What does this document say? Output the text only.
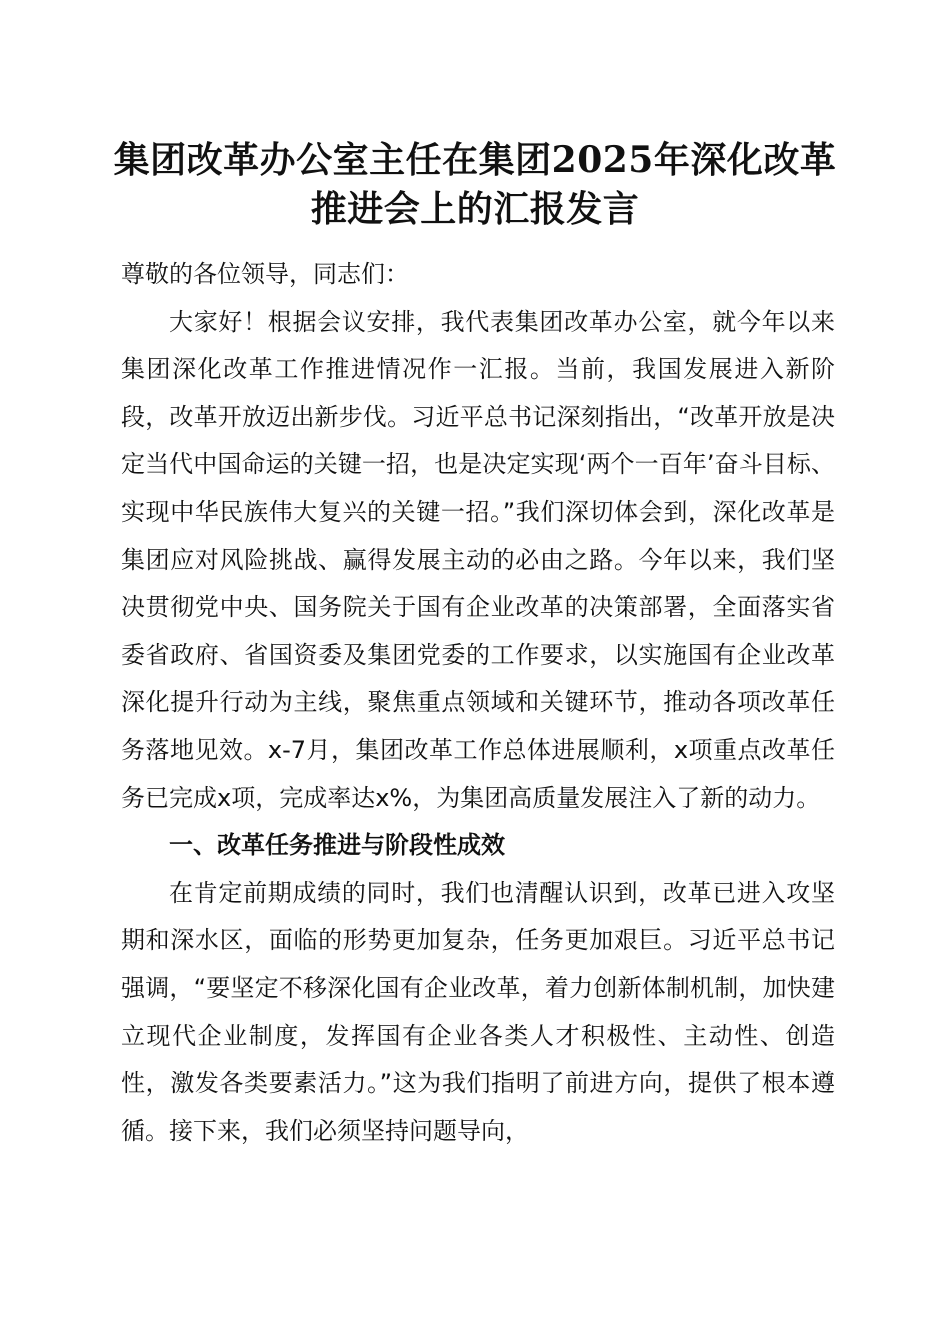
集团改革办公室主任在集团2025年深化改革
推进会上的汇报发言

尊敬的各位领导，同志们：

大家好！根据会议安排，我代表集团改革办公室，就今年以来集团深化改革工作推进情况作一汇报。当前，我国发展进入新阶段，改革开放迈出新步伐。习近平总书记深刻指出，“改革开放是决定当代中国命运的关键一招，也是决定实现‘两个一百年’奋斗目标、实现中华民族伟大复兴的关键一招。”我们深切体会到，深化改革是集团应对风险挑战、赢得发展主动的必由之路。今年以来，我们坚决贯彻党中央、国务院关于国有企业改革的决策部署，全面落实省委省政府、省国资委及集团党委的工作要求，以实施国有企业改革深化提升行动为主线，聚焦重点领域和关键环节，推动各项改革任务落地见效。x-7月，集团改革工作总体进展顺利，x项重点改革任务已完成x项，完成率达x%，为集团高质量发展注入了新的动力。

一、改革任务推进与阶段性成效

在肯定前期成绩的同时，我们也清醒认识到，改革已进入攻坚期和深水区，面临的形势更加复杂，任务更加艰巨。习近平总书记强调，“要坚定不移深化国有企业改革，着力创新体制机制，加快建立现代企业制度，发挥国有企业各类人才积极性、主动性、创造性，激发各类要素活力。”这为我们指明了前进方向，提供了根本遵循。接下来，我们必须坚持问题导向，
